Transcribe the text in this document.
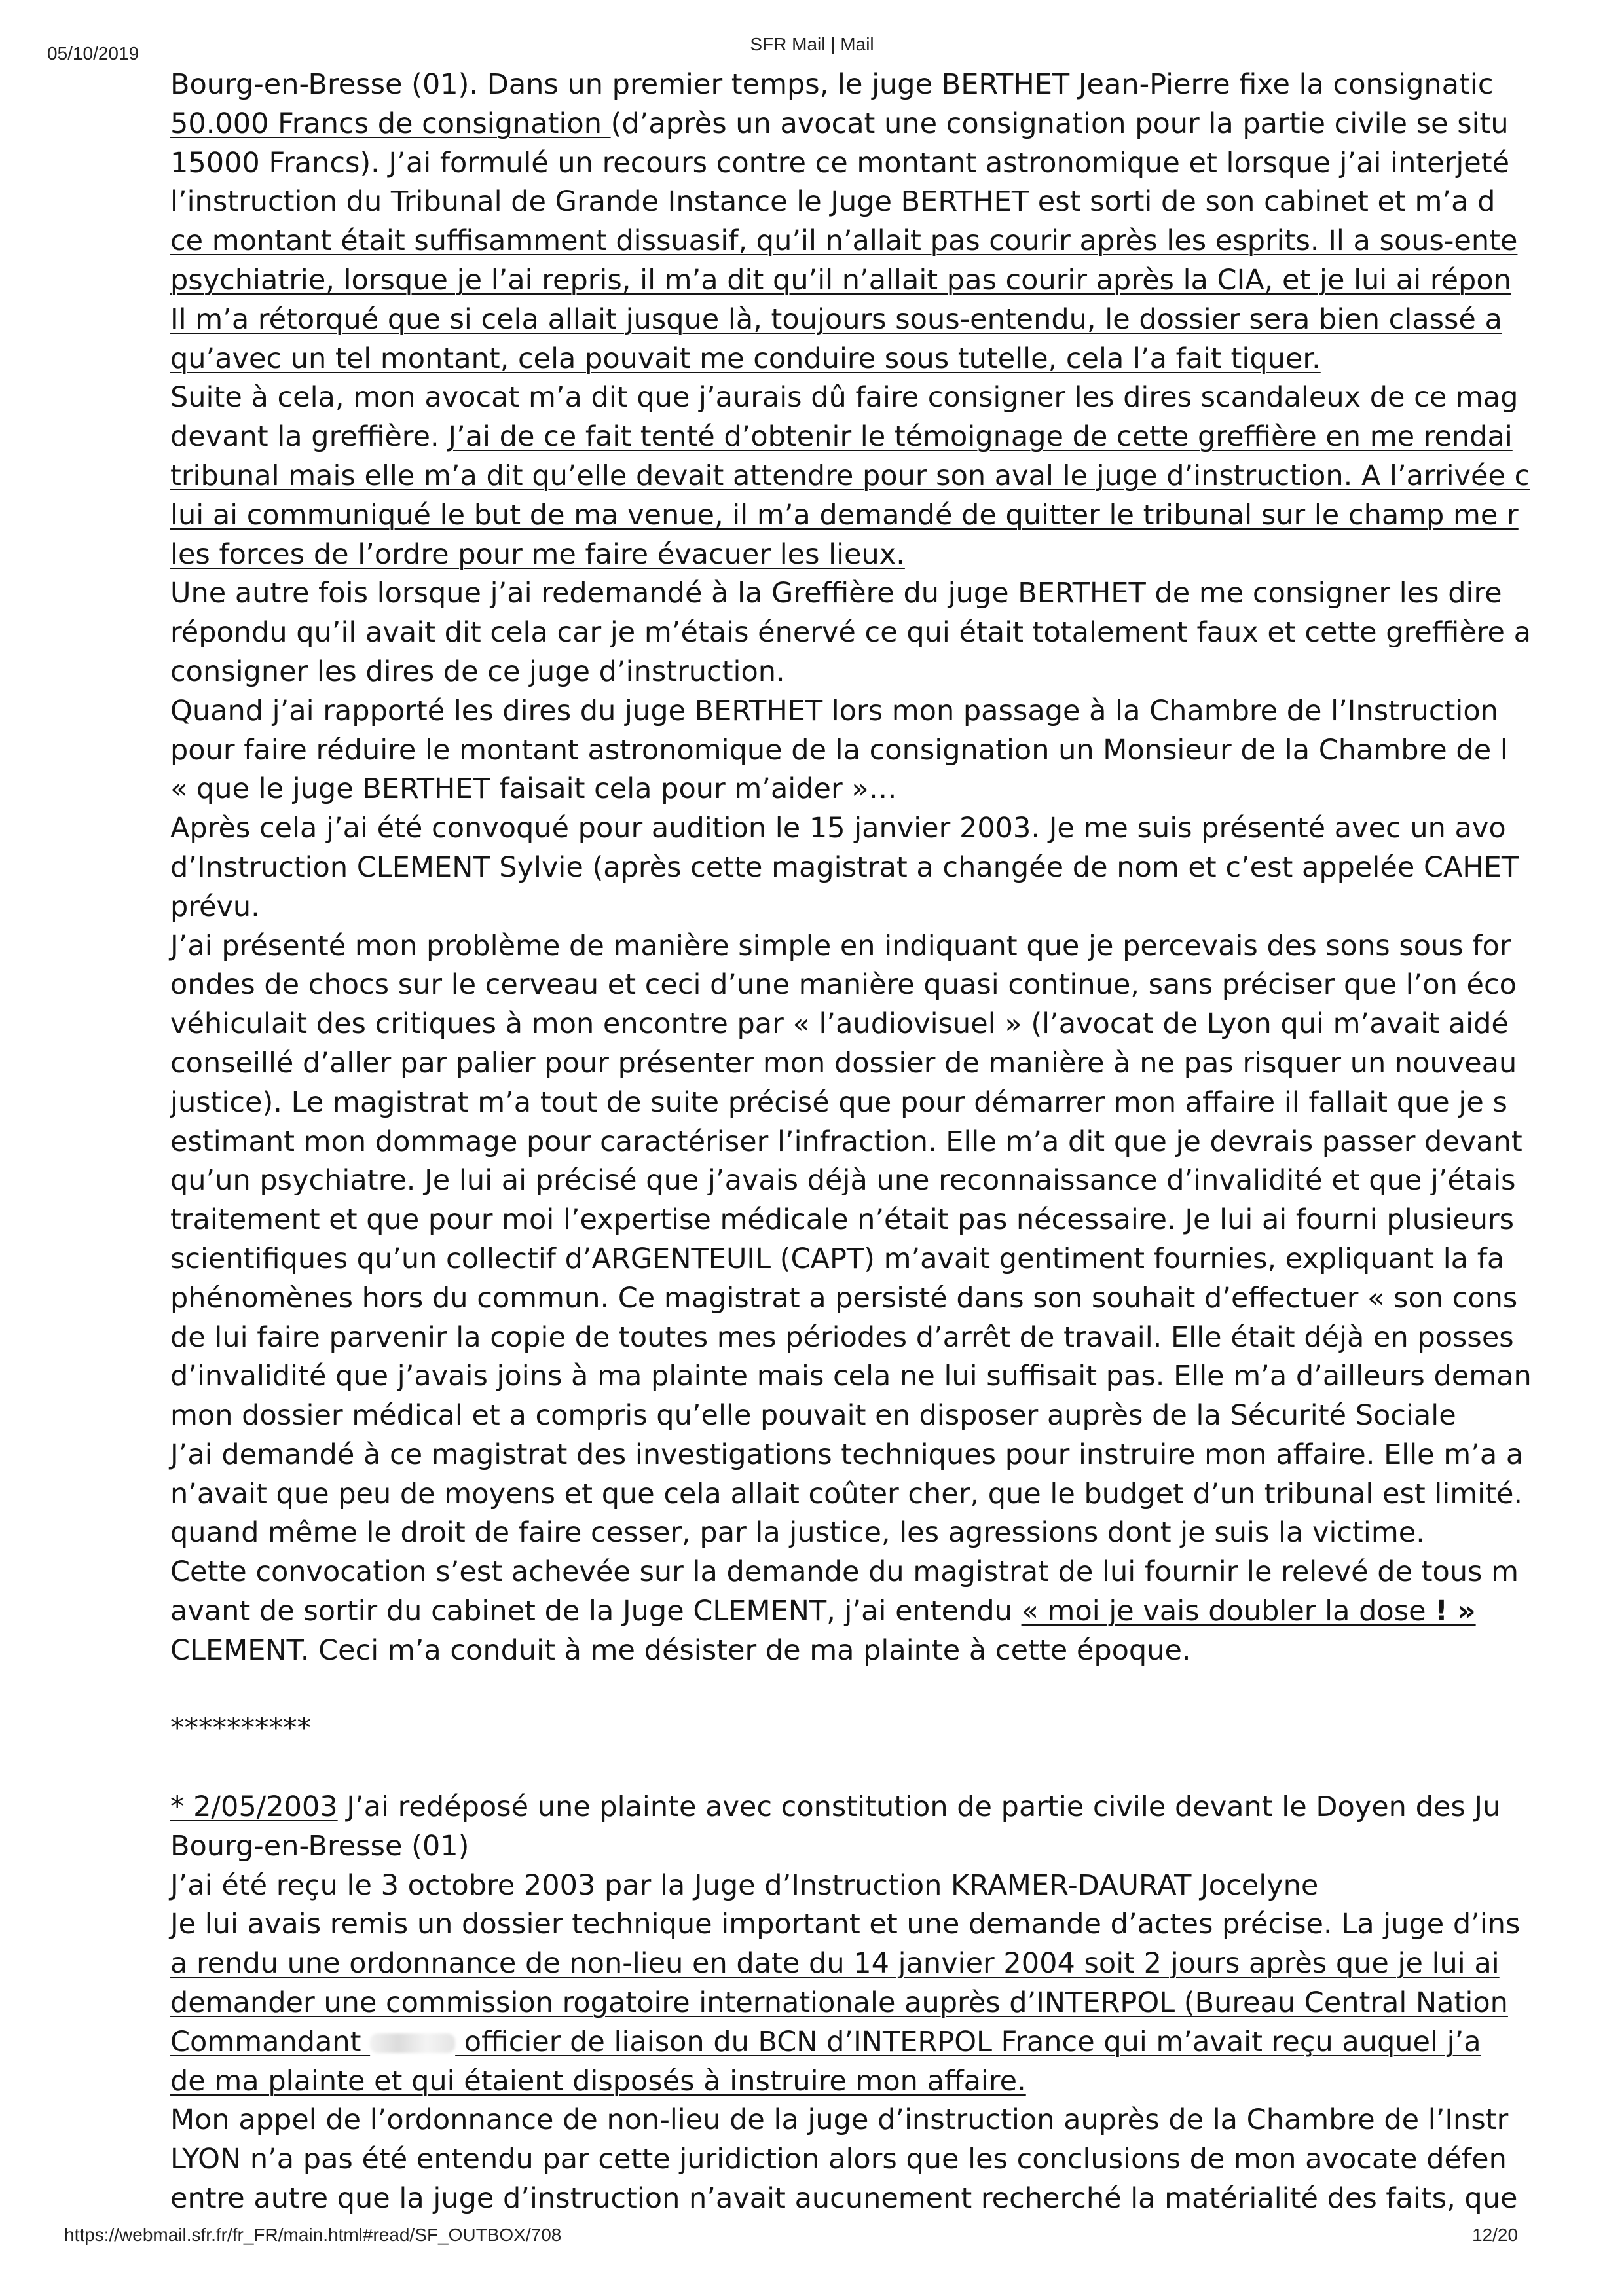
05/10/2019	SFR Mail | Mail
Bourg-en-Bresse (01). Dans un premier temps, le juge BERTHET Jean-Pierre fixe la consignatic
50.000 Francs de consignation (d’après un avocat une consignation pour la partie civile se situ
15000 Francs). J’ai formulé un recours contre ce montant astronomique et lorsque j’ai interjeté
l’instruction du Tribunal de Grande Instance le Juge BERTHET est sorti de son cabinet et m’a d
ce montant était suffisamment dissuasif, qu’il n’allait pas courir après les esprits. Il a sous-ente
psychiatrie, lorsque je l’ai repris, il m’a dit qu’il n’allait pas courir après la CIA, et je lui ai répon
Il m’a rétorqué que si cela allait jusque là, toujours sous-entendu, le dossier sera bien classé a
qu’avec un tel montant, cela pouvait me conduire sous tutelle, cela l’a fait tiquer.
Suite à cela, mon avocat m’a dit que j’aurais dû faire consigner les dires scandaleux de ce mag
devant la greffière. J’ai de ce fait tenté d’obtenir le témoignage de cette greffière en me rendai
tribunal mais elle m’a dit qu’elle devait attendre pour son aval le juge d’instruction. A l’arrivée c
lui ai communiqué le but de ma venue, il m’a demandé de quitter le tribunal sur le champ me r
les forces de l’ordre pour me faire évacuer les lieux.
Une autre fois lorsque j’ai redemandé à la Greffière du juge BERTHET de me consigner les dire
répondu qu’il avait dit cela car je m’étais énervé ce qui était totalement faux et cette greffière a
consigner les dires de ce juge d’instruction.
Quand j’ai rapporté les dires du juge BERTHET lors mon passage à la Chambre de l’Instruction
pour faire réduire le montant astronomique de la consignation un Monsieur de la Chambre de l
« que le juge BERTHET faisait cela pour m’aider »…
Après cela j’ai été convoqué pour audition le 15 janvier 2003. Je me suis présenté avec un avo
d’Instruction CLEMENT Sylvie (après cette magistrat a changée de nom et c’est appelée CAHET
prévu.
J’ai présenté mon problème de manière simple en indiquant que je percevais des sons sous for
ondes de chocs sur le cerveau et ceci d’une manière quasi continue, sans préciser que l’on éco
véhiculait des critiques à mon encontre par « l’audiovisuel » (l’avocat de Lyon qui m’avait aidé
conseillé d’aller par palier pour présenter mon dossier de manière à ne pas risquer un nouveau
justice). Le magistrat m’a tout de suite précisé que pour démarrer mon affaire il fallait que je s
estimant mon dommage pour caractériser l’infraction. Elle m’a dit que je devrais passer devant
qu’un psychiatre. Je lui ai précisé que j’avais déjà une reconnaissance d’invalidité et que j’étais
traitement et que pour moi l’expertise médicale n’était pas nécessaire. Je lui ai fourni plusieurs
scientifiques qu’un collectif d’ARGENTEUIL (CAPT) m’avait gentiment fournies, expliquant la fa
phénomènes hors du commun. Ce magistrat a persisté dans son souhait d’effectuer « son cons
de lui faire parvenir la copie de toutes mes périodes d’arrêt de travail. Elle était déjà en posses
d’invalidité que j’avais joins à ma plainte mais cela ne lui suffisait pas. Elle m’a d’ailleurs deman
mon dossier médical et a compris qu’elle pouvait en disposer auprès de la Sécurité Sociale
J’ai demandé à ce magistrat des investigations techniques pour instruire mon affaire. Elle m’a a
n’avait que peu de moyens et que cela allait coûter cher, que le budget d’un tribunal est limité.
quand même le droit de faire cesser, par la justice, les agressions dont je suis la victime.
Cette convocation s’est achevée sur la demande du magistrat de lui fournir le relevé de tous m
avant de sortir du cabinet de la Juge CLEMENT, j’ai entendu « moi je vais doubler la dose ! »
CLEMENT. Ceci m’a conduit à me désister de ma plainte à cette époque.
**********
* 2/05/2003 J’ai redéposé une plainte avec constitution de partie civile devant le Doyen des Ju
Bourg-en-Bresse (01)
J’ai été reçu le 3 octobre 2003 par la Juge d’Instruction KRAMER-DAURAT Jocelyne
Je lui avais remis un dossier technique important et une demande d’actes précise. La juge d’ins
a rendu une ordonnance de non-lieu en date du 14 janvier 2004 soit 2 jours après que je lui ai
demander une commission rogatoire internationale auprès d’INTERPOL (Bureau Central Nation
Commandant	officier de liaison du BCN d’INTERPOL France qui m’avait reçu auquel j’a
de ma plainte et qui étaient disposés à instruire mon affaire.
Mon appel de l’ordonnance de non-lieu de la juge d’instruction auprès de la Chambre de l’Instr
LYON n’a pas été entendu par cette juridiction alors que les conclusions de mon avocate défen
entre autre que la juge d’instruction n’avait aucunement recherché la matérialité des faits, que
https://webmail.sfr.fr/fr_FR/main.html#read/SF_OUTBOX/708	12/20
